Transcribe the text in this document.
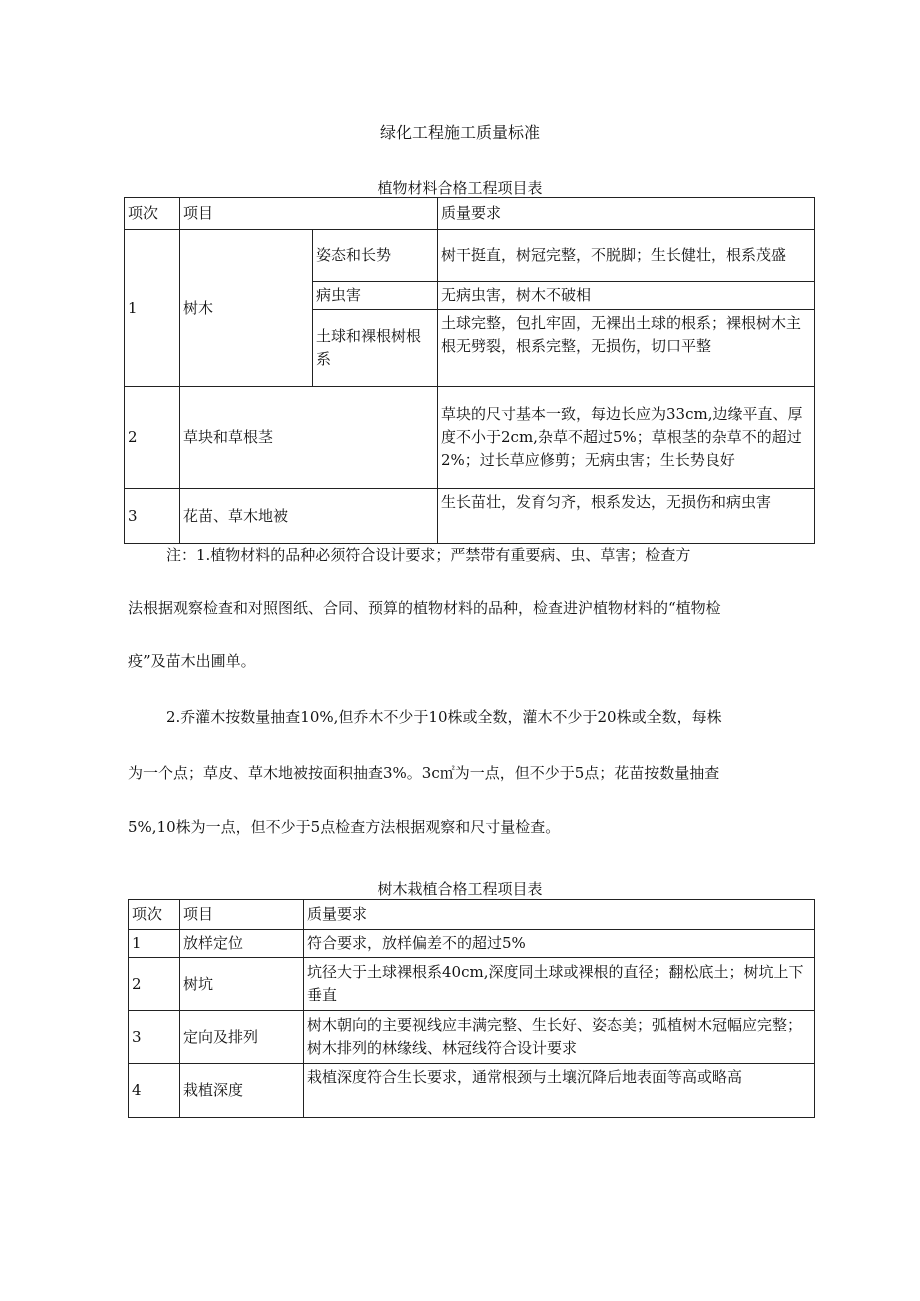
绿化工程施工质量标准
植物材料合格工程项目表
项次	项目		质量要求
1	树木	姿态和长势	树干挺直，树冠完整，不脱脚；生长健壮，根系茂盛
		病虫害	无病虫害，树木不破相
		土球和裸根树根系	土球完整，包扎牢固，无裸出土球的根系；裸根树木主根无劈裂，根系完整，无损伤，切口平整
2	草块和草根茎		草块的尺寸基本一致，每边长应为33cm,边缘平直、厚度不小于2cm,杂草不超过5%；草根茎的杂草不的超过2%；过长草应修剪；无病虫害；生长势良好
3	花苗、草木地被		生长苗壮，发育匀齐，根系发达，无损伤和病虫害
注：1.植物材料的品种必须符合设计要求；严禁带有重要病、虫、草害；检查方
法根据观察检查和对照图纸、合同、预算的植物材料的品种，检查进沪植物材料的“植物检
疫”及苗木出圃单。
2.乔灌木按数量抽查10%,但乔木不少于10株或全数，灌木不少于20株或全数，每株
为一个点；草皮、草木地被按面积抽查3%。3c㎡为一点，但不少于5点；花苗按数量抽查
5%,10株为一点，但不少于5点检查方法根据观察和尺寸量检查。
树木栽植合格工程项目表
项次	项目	质量要求
1	放样定位	符合要求，放样偏差不的超过5%
2	树坑	坑径大于土球裸根系40cm,深度同土球或裸根的直径；翻松底土；树坑上下垂直
3	定向及排列	树木朝向的主要视线应丰满完整、生长好、姿态美；弧植树木冠幅应完整；树木排列的林缘线、林冠线符合设计要求
4	栽植深度	栽植深度符合生长要求，通常根颈与土壤沉降后地表面等高或略高
